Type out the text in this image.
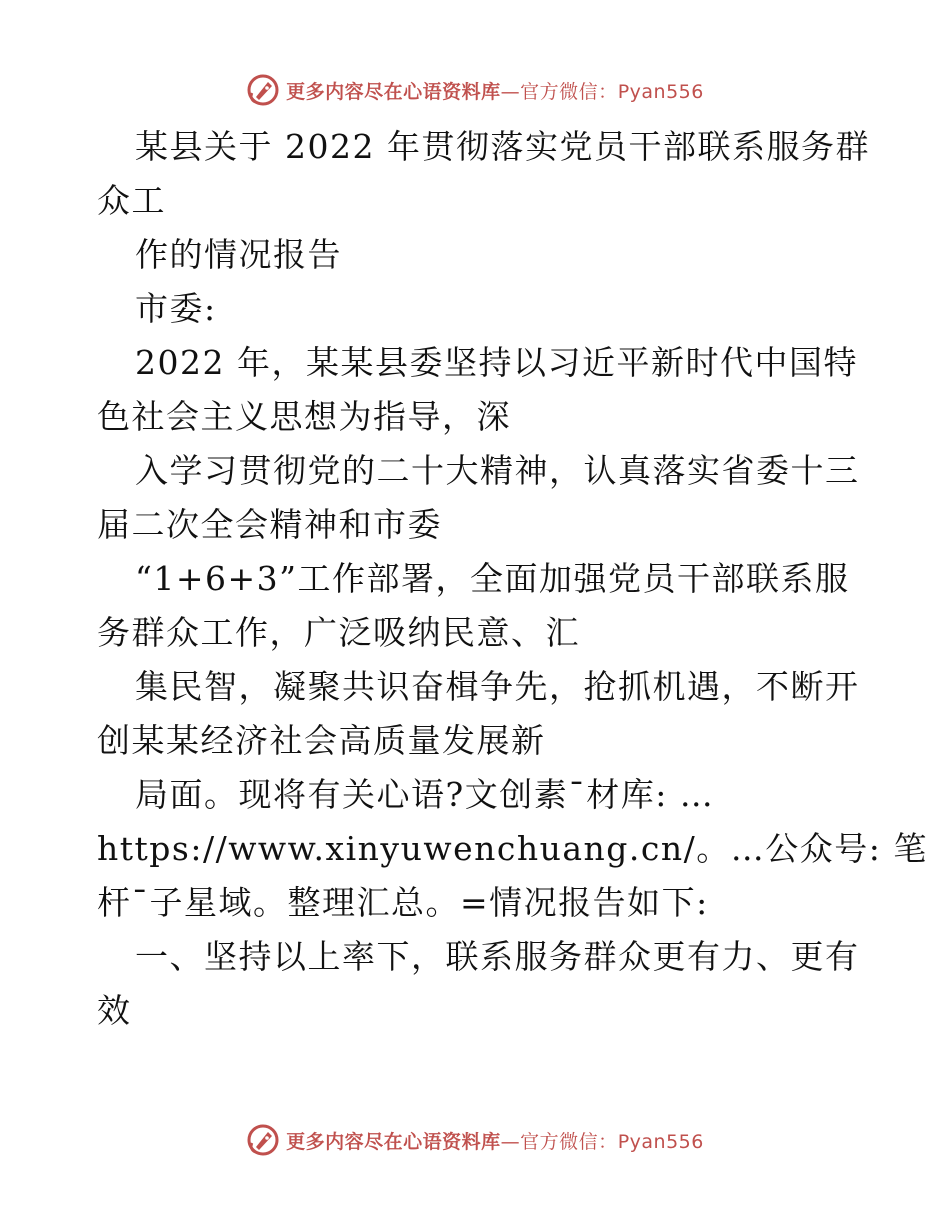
更多内容尽在心语资料库—官方微信：Pyan556
某县关于 2022 年贯彻落实党员干部联系服务群
众工
作的情况报告
市委:
2022 年，某某县委坚持以习近平新时代中国特
色社会主义思想为指导，深
入学习贯彻党的二十大精神，认真落实省委十三
届二次全会精神和市委
“1+6+3”工作部署，全面加强党员干部联系服
务群众工作，广泛吸纳民意、汇
集民智，凝聚共识奋楫争先，抢抓机遇，不断开
创某某经济社会高质量发展新
局面。现将有关心语?文创素¯材库: …
https://www.xinyuwenchuang.cn/。…公众号: 笔
杆¯子星域。整理汇总。=情况报告如下:
一、坚持以上率下，联系服务群众更有力、更有
效
更多内容尽在心语资料库—官方微信：Pyan556
